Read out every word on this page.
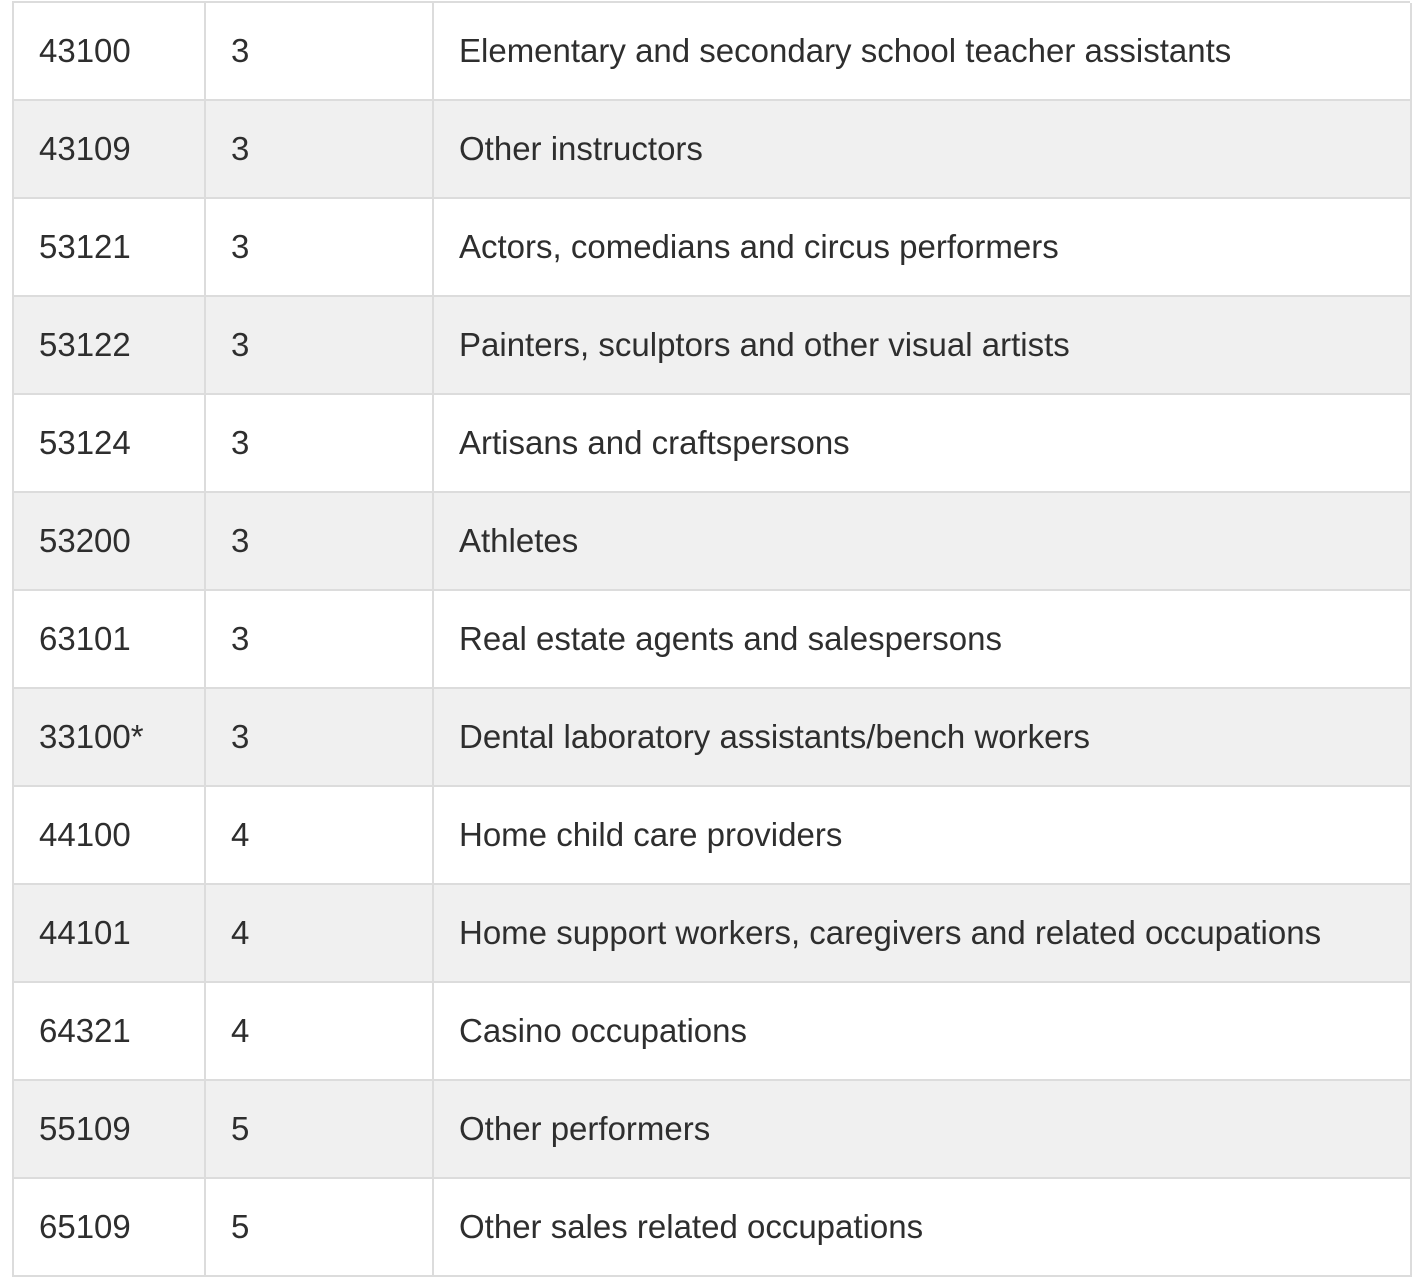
43100	3	Elementary and secondary school teacher assistants
43109	3	Other instructors
53121	3	Actors, comedians and circus performers
53122	3	Painters, sculptors and other visual artists
53124	3	Artisans and craftspersons
53200	3	Athletes
63101	3	Real estate agents and salespersons
33100*	3	Dental laboratory assistants/bench workers
44100	4	Home child care providers
44101	4	Home support workers, caregivers and related occupations
64321	4	Casino occupations
55109	5	Other performers
65109	5	Other sales related occupations
